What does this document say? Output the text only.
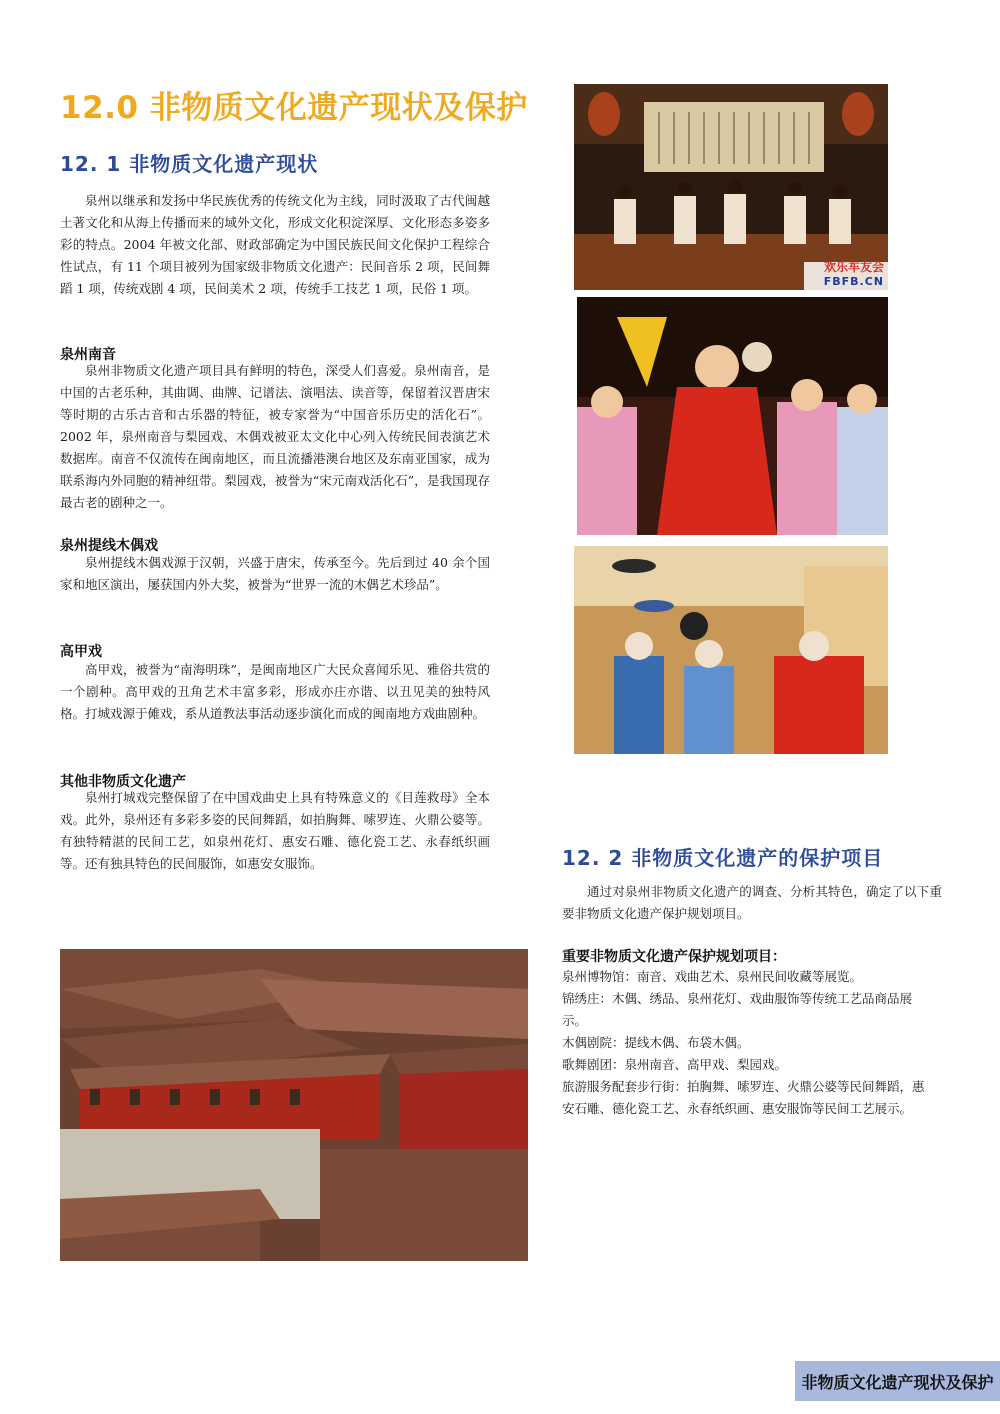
12.0 非物质文化遗产现状及保护
12. 1 非物质文化遗产现状

泉州以继承和发扬中华民族优秀的传统文化为主线，同时汲取了古代闽越土著文化和从海上传播而来的域外文化，形成文化积淀深厚、文化形态多姿多彩的特点。2004 年被文化部、财政部确定为中国民族民间文化保护工程综合性试点，有 11 个项目被列为国家级非物质文化遗产：民间音乐 2 项，民间舞蹈 1 项，传统戏剧 4 项，民间美术 2 项，传统手工技艺 1 项，民俗 1 项。

泉州南音

泉州非物质文化遗产项目具有鲜明的特色，深受人们喜爱。泉州南音，是中国的古老乐种，其曲调、曲牌、记谱法、演唱法、读音等，保留着汉晋唐宋等时期的古乐古音和古乐器的特征，被专家誉为“中国音乐历史的活化石”。2002 年，泉州南音与梨园戏、木偶戏被亚太文化中心列入传统民间表演艺术数据库。南音不仅流传在闽南地区，而且流播港澳台地区及东南亚国家，成为联系海内外同胞的精神纽带。梨园戏，被誉为“宋元南戏活化石”，是我国现存最古老的剧种之一。

泉州提线木偶戏

泉州提线木偶戏源于汉朝，兴盛于唐宋，传承至今。先后到过 40 余个国家和地区演出，屡获国内外大奖，被誉为“世界一流的木偶艺术珍品”。

高甲戏

高甲戏，被誉为“南海明珠”，是闽南地区广大民众喜闻乐见、雅俗共赏的一个剧种。高甲戏的丑角艺术丰富多彩，形成亦庄亦谐、以丑见美的独特风格。打城戏源于傩戏，系从道教法事活动逐步演化而成的闽南地方戏曲剧种。

其他非物质文化遗产

泉州打城戏完整保留了在中国戏曲史上具有特殊意义的《目莲救母》全本戏。此外，泉州还有多彩多姿的民间舞蹈，如拍胸舞、嗦罗连、火鼎公婆等。有独特精湛的民间工艺，如泉州花灯、惠安石雕、德化瓷工艺、永春纸织画等。还有独具特色的民间服饰，如惠安女服饰。

欢乐车友会
FBFB.CN
12. 2 非物质文化遗产的保护项目

通过对泉州非物质文化遗产的调查、分析其特色，确定了以下重要非物质文化遗产保护规划项目。

重要非物质文化遗产保护规划项目：
泉州博物馆：南音、戏曲艺术、泉州民间收藏等展览。
锦绣庄：木偶、绣品、泉州花灯、戏曲服饰等传统工艺品商品展示。
木偶剧院：提线木偶、布袋木偶。
歌舞剧团：泉州南音、高甲戏、梨园戏。
旅游服务配套步行街：拍胸舞、嗦罗连、火鼎公婆等民间舞蹈，惠安石雕、德化瓷工艺、永春纸织画、惠安服饰等民间工艺展示。
非物质文化遗产现状及保护
